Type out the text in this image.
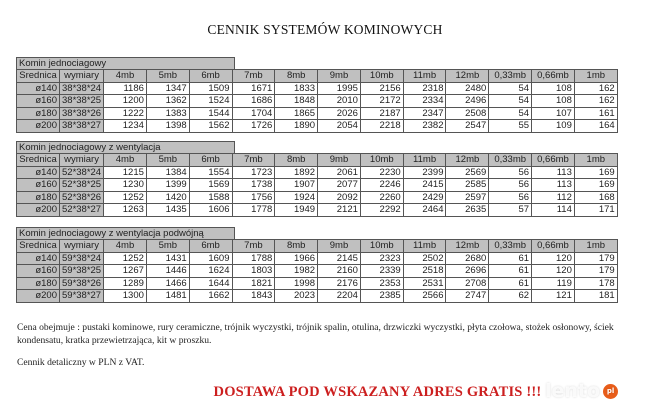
CENNIK SYSTEMÓW KOMINOWYCH
Komin jednociagowy
Srednica	wymiary	4mb	5mb	6mb	7mb	8mb	9mb	10mb	11mb	12mb	0,33mb	0,66mb	1mb
ø140	38*38*24	1186	1347	1509	1671	1833	1995	2156	2318	2480	54	108	162
ø160	38*38*25	1200	1362	1524	1686	1848	2010	2172	2334	2496	54	108	162
ø180	38*38*26	1222	1383	1544	1704	1865	2026	2187	2347	2508	54	107	161
ø200	38*38*27	1234	1398	1562	1726	1890	2054	2218	2382	2547	55	109	164
Komin jednociagowy z wentylacja
Srednica	wymiary	4mb	5mb	6mb	7mb	8mb	9mb	10mb	11mb	12mb	0,33mb	0,66mb	1mb
ø140	52*38*24	1215	1384	1554	1723	1892	2061	2230	2399	2569	56	113	169
ø160	52*38*25	1230	1399	1569	1738	1907	2077	2246	2415	2585	56	113	169
ø180	52*38*26	1252	1420	1588	1756	1924	2092	2260	2429	2597	56	112	168
ø200	52*38*27	1263	1435	1606	1778	1949	2121	2292	2464	2635	57	114	171
Komin jednociagowy z wentylacja podwójną
Srednica	wymiary	4mb	5mb	6mb	7mb	8mb	9mb	10mb	11mb	12mb	0,33mb	0,66mb	1mb
ø140	59*38*24	1252	1431	1609	1788	1966	2145	2323	2502	2680	61	120	179
ø160	59*38*25	1267	1446	1624	1803	1982	2160	2339	2518	2696	61	120	179
ø180	59*38*26	1289	1466	1644	1821	1998	2176	2353	2531	2708	61	119	178
ø200	59*38*27	1300	1481	1662	1843	2023	2204	2385	2566	2747	62	121	181

Cena obejmuje : pustaki kominowe, rury ceramiczne, trójnik wyczystki, trójnik spalin, otulina, drzwiczki wyczystki, płyta czołowa, stożek osłonowy, ściek kondensatu, kratka przewietrzająca, kit w proszku.

Cennik detaliczny w PLN z VAT.

DOSTAWA POD WSKAZANY ADRES GRATIS !!! lento pl
